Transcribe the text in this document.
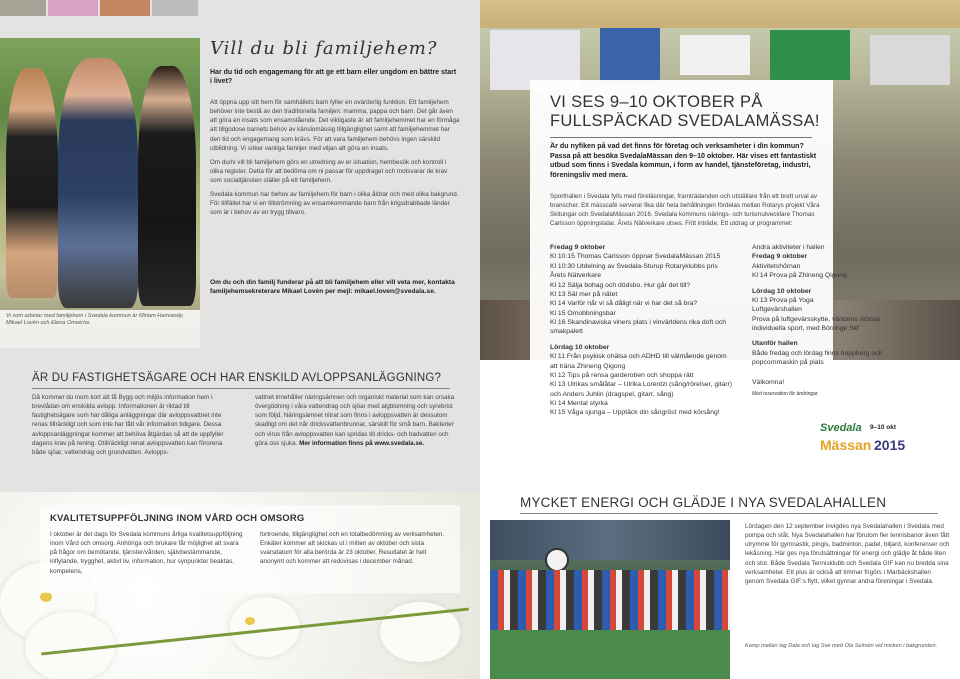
Vi som arbetar med familjehem i Svedala kommun är Miriam Harivandy, Mikael Lovén och Elena Omeiche.
Vill du bli familjehem?
Har du tid och engagemang för att ge ett barn eller ungdom en bättre start i livet?

Att öppna upp sitt hem för samhällets barn fyller en ovärderlig funktion. Ett familjehem behöver inte bestå av den traditionella familjen: mamma, pappa och barn. Det går även att göra en insats som ensamstående. Det viktigaste är att familjehemmet har en förmåga att tillgodose barnets behov av känslomässig tillgänglighet samt att familjehemmet har den tid och engagemang som krävs. För att vara familjehem behövs ingen särskild utbildning. Vi söker vanliga familjer med viljan att göra en insats.

Om du/ni vill bli familjehem görs en utredning av er situation, hembesök och kontroll i olika register. Detta för att bedöma om ni passar för uppdraget och motsvarar de krav som socialtjänsten ställer på ett familjehem.

Svedala kommun har behov av familjehem för barn i olika åldrar och med olika bakgrund. För tillfället har vi en tillströmning av ensamkommande barn från krigsdrabbade länder som är i behov av en trygg tillvaro.

Om du och din familj funderar på att bli familjehem eller vill veta mer, kontakta familjehemsekreterare Mikael Lovén per mejl: mikael.loven@svedala.se.
ÄR DU FASTIGHETSÄGARE OCH HAR ENSKILD AVLOPPSANLÄGGNING?
Då kommer du inom kort att få Bygg och miljös information hem i brevlådan om enskilda avlopp. Informationen är riktad till fastighetsägare som har dåliga anläggningar där avloppsvattnet inte renas tillräckligt och som inte har fått vår information tidigare. Dessa avloppsanläggningar kommer att behöva åtgärdas så att de uppfyller dagens krav på rening. Otillräckligt renat avloppsvatten kan förorena både sjöar, vattendrag och grundvatten. Avlopps-
vattnet innehåller näringsämnen och organiskt material som kan orsaka övergödning i våra vattendrag och sjöar med algblomning och syrebrist som följd. Näringsämnet nitrat som finns i avloppsvatten är dessutom skadligt om det når dricksvattenbrunnar, särskilt för små barn. Bakterier och virus från avloppsvatten kan spridas till dricks- och badvatten och göra oss sjuka. Mer information finns på www.svedala.se.
KVALITETSUPPFÖLJNING INOM VÅRD OCH OMSORG
I oktober är det dags för Svedala kommuns årliga kvalitetsuppföljning inom Vård och omsorg. Anhöriga och brukare får möjlighet att svara på frågor om bemötande, tjänster/vården, självbestämmande, inflytande, trygghet, aktivt liv, information, hur synpunkter beaktas, kompetens,
fortroende, tillgänglighet och en totalbedömning av verksamheten. Enkäter kommer att skickas ut i mitten av oktober och sista svarsdatum för alla berörda är 23 oktober. Resultatet är helt anonymt och kommer att redovisas i december månad.
VI SES 9–10 OKTOBER PÅ FULLSPÄCKAD SVEDALAMÄSSA!
Är du nyfiken på vad det finns för företag och verksamheter i din kommun? Passa på att besöka SvedalaMässan den 9–10 oktober. Här vises ett fantastiskt utbud som finns i Svedala kommun, i form av handel, tjänsteföretag, industri, föreningsliv med mera.
Sporthallen i Svedala fylls med föreläsningar, framträdanden och utställare från ett brett urval av branscher. Ett mässcafé serverar fika där hela behållningen fördelas mellan Rotarys projekt Våra Skitungar och SvedalaMässan 2016. Svedala kommuns närings- och turismutvecklare Thomas Carlsson öppningstalar. Årets Nätverkare utses. Fritt inträde. Ett utdrag ur programmet:
Fredag 9 oktober
Kl 10:15 Thomas Carlsson öppnar SvedalaMässan 2015
Kl 10:30 Utdelning av Svedala-Sturup Rotaryklubbs pris Årets Nätverkare
Kl 12 Sälja bohag och dödsbo. Hur går det till?
Kl 13 Säl mer på nätet
Kl 14 Varför når vi så dåligt när vi har det så bra?
Kl 15 Omobbningsbar
Kl 16 Skandinaviska viners plats i vinvärldens rika doft och smakpalett
Lördag 10 oktober
Kl 11 Från psykisk ohälsa och ADHD till välmående genom att träna Zhineng Qigong
Kl 12 Tips på rensa garderoben och shoppa rätt
Kl 13 Ulrikas smålåtar – Ulrika Lorentzi (sång/rörelser, gitarr) och Anders Juhlin (dragspel, gitarr, sång)
Kl 14 Mental styrka
Kl 15 Våga sjunga – Upptäck din sångröst med körsång!
Andra aktiviteter i hallen
Fredag 9 oktober
Aktivitetshörnan
Kl 14 Prova på Zhineng Qigong
Lördag 10 oktober
Kl 13 Prova på Yoga
Luftgevärshallen
Prova på luftgevärsskytte, världens största individuella sport, med Börringe Skf
Utanför hallen
Både fredag och lördag finns hoppborg och popcornmaskin på plats
Välkomna!
Med reservation för ändringar.
Svedala 9–10 okt
Mässan 2015
MYCKET ENERGI OCH GLÄDJE I NYA SVEDALAHALLEN
Lördagen den 12 september invigdes nya Svedalahallen i Svedala med pompa och ståt. Nya Svedalahallen har förutom fler tennisbanor även fått utrymme för gymnastik, pingis, badminton, padel, biljard, konferenser och lekåsning. Här ges nya förutsättningar för energi och glädje åt både liten och stor. Både Svedala Tennisklubb och Svedala GIF kan nu bredda sina verksamheter. Ett plus är också att timmar frigörs i Marbäckshallen genom Svedala GIF:s flytt, vilket gynnar andra föreningar i Svedala.
Kamp mellan lag Dala och lag Sve med Ola Selmén vid micken i bakgrunden.
